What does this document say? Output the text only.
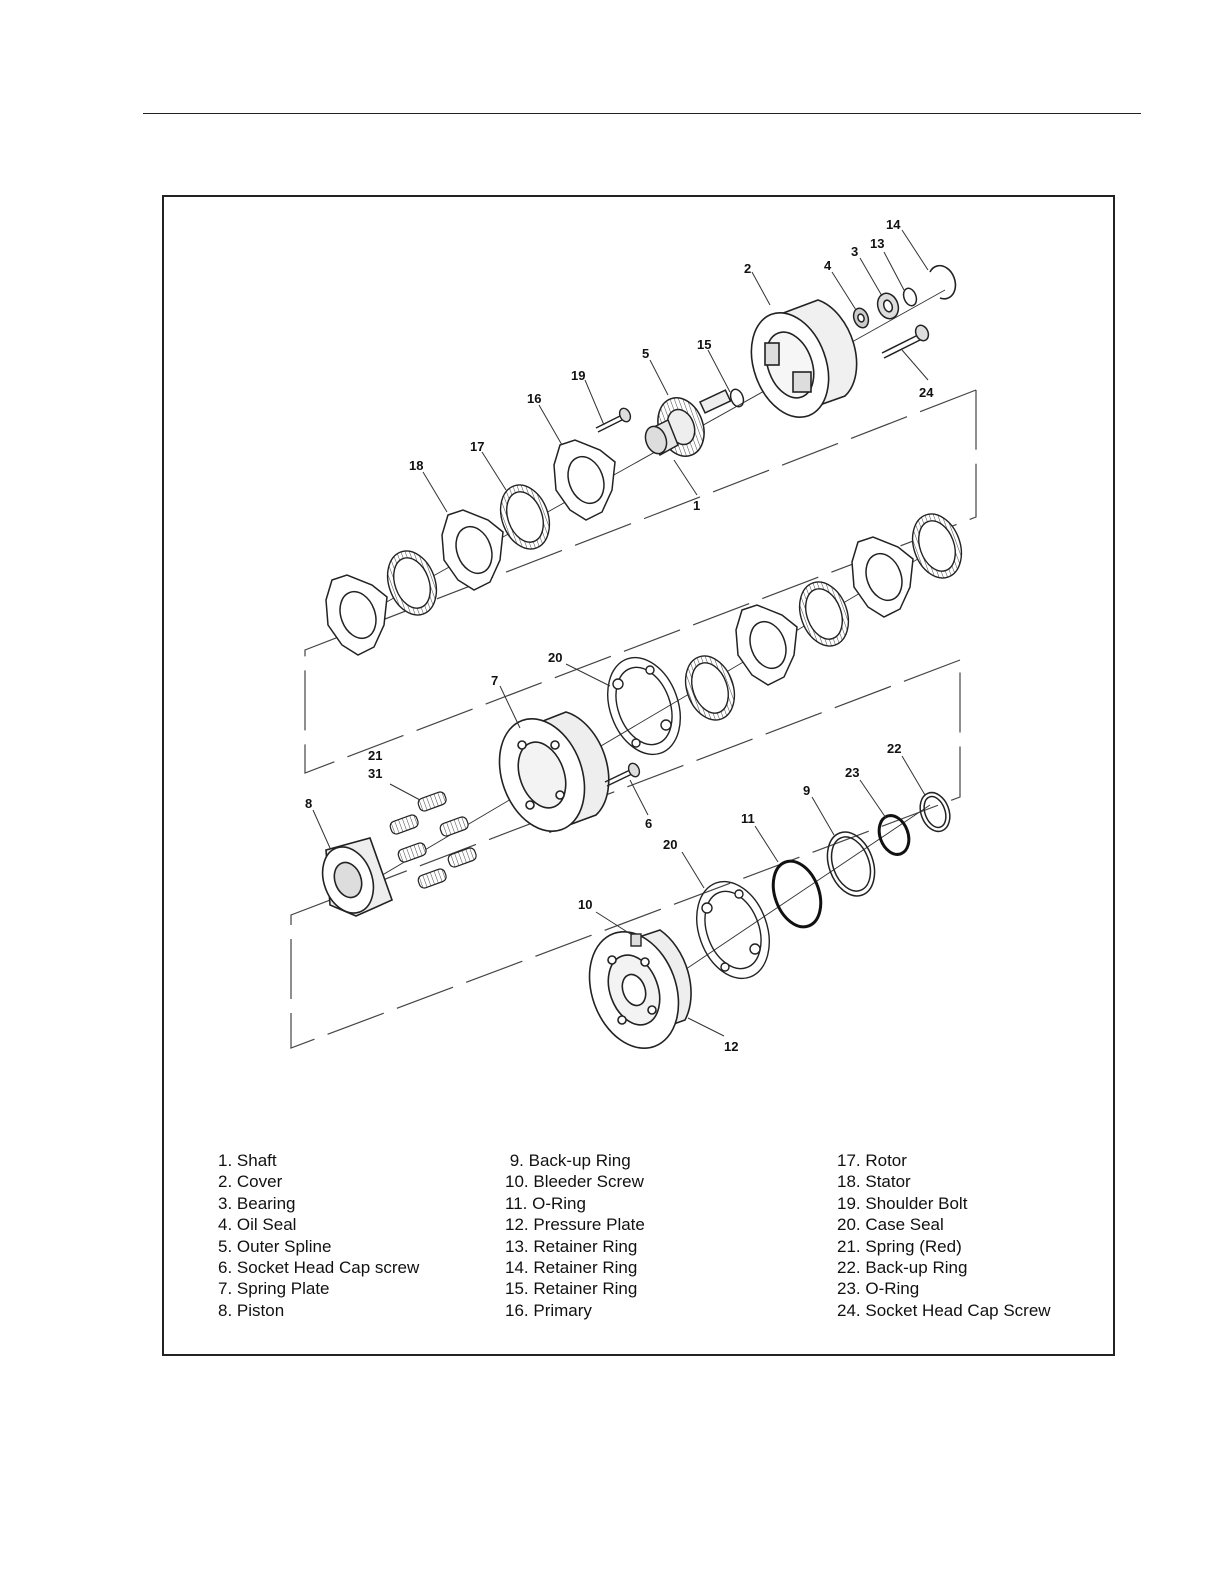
14
13
3
4
2
5
15
19
16
17
18
1
24
20
7
21
31
8
6
22
23
9
11
20
10
12
1. Shaft
2. Cover
3. Bearing
4. Oil Seal
5. Outer Spline
6. Socket Head Cap screw
7. Spring Plate
8. Piston
9. Back-up Ring
10. Bleeder Screw
11. O-Ring
12. Pressure Plate
13. Retainer Ring
14. Retainer Ring
15. Retainer Ring
16. Primary
17. Rotor
18. Stator
19. Shoulder Bolt
20. Case Seal
21. Spring (Red)
22. Back-up Ring
23. O-Ring
24. Socket Head Cap Screw
